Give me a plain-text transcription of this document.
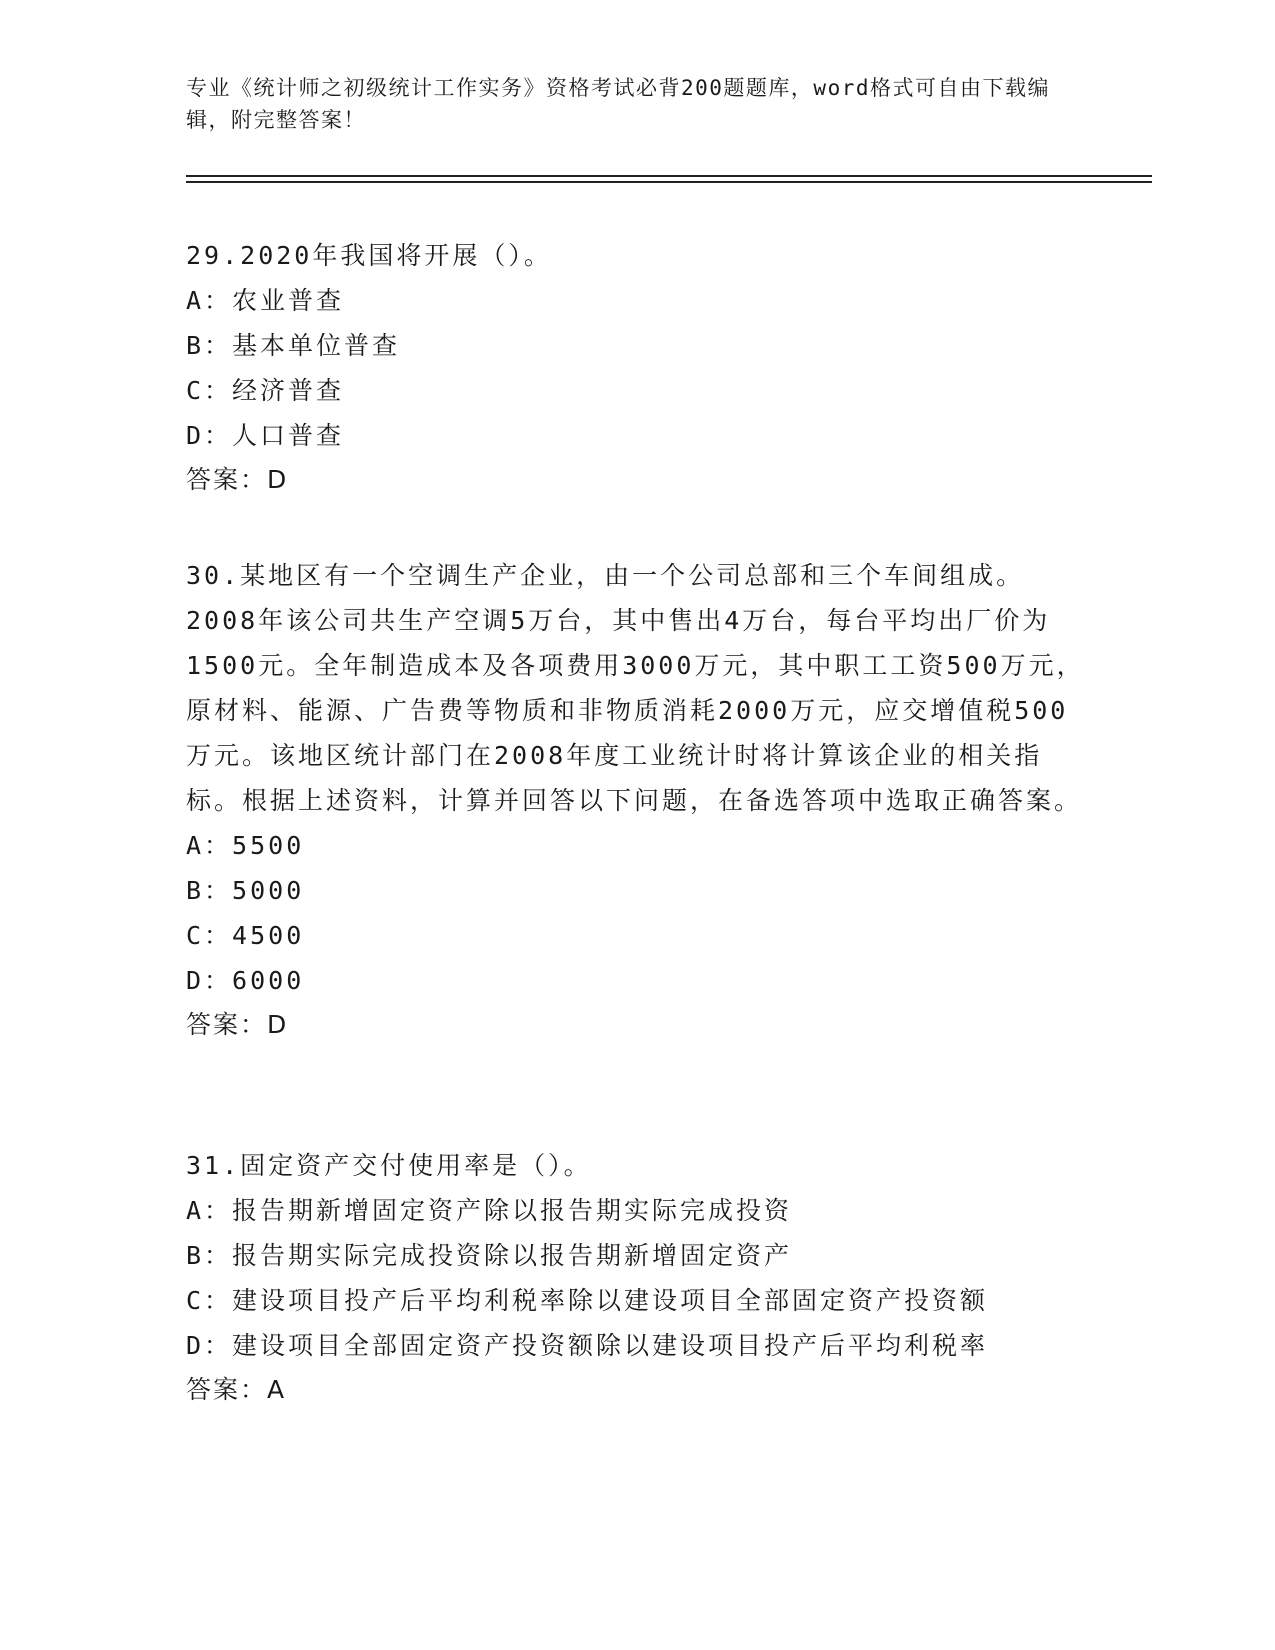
专业《统计师之初级统计工作实务》资格考试必背200题题库，word格式可自由下载编辑，附完整答案！
29.2020年我国将开展（）。
A：农业普查
B：基本单位普查
C：经济普查
D：人口普查
答案：D
30.某地区有一个空调生产企业，由一个公司总部和三个车间组成。2008年该公司共生产空调5万台，其中售出4万台，每台平均出厂价为1500元。全年制造成本及各项费用3000万元，其中职工工资500万元，原材料、能源、广告费等物质和非物质消耗2000万元，应交增值税500万元。该地区统计部门在2008年度工业统计时将计算该企业的相关指标。根据上述资料，计算并回答以下问题，在备选答项中选取正确答案。
A：5500
B：5000
C：4500
D：6000
答案：D
31.固定资产交付使用率是（）。
A：报告期新增固定资产除以报告期实际完成投资
B：报告期实际完成投资除以报告期新增固定资产
C：建设项目投产后平均利税率除以建设项目全部固定资产投资额
D：建设项目全部固定资产投资额除以建设项目投产后平均利税率
答案：A
